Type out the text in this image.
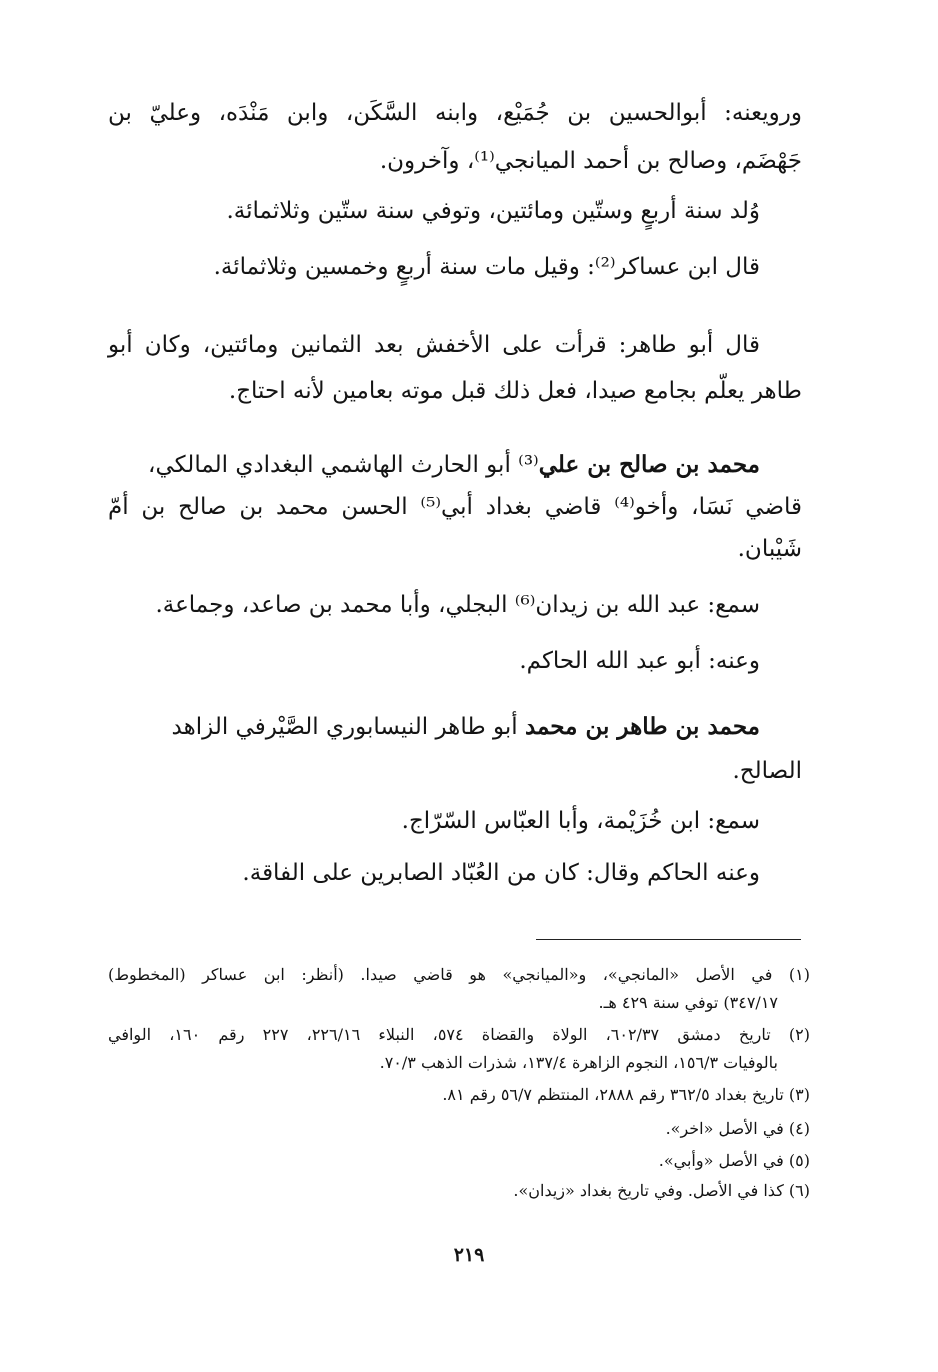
ورویعنه: أبوالحسين بن جُمَيْع، وابنه السَّكَن، وابن مَنْدَه، وعليّ بن
جَهْضَم، وصالح بن أحمد الميانجي⁽¹⁾، وآخرون.
وُلد سنة أربعٍ وستّين ومائتين، وتوفي سنة ستّين وثلاثمائة.
قال ابن عساكر⁽²⁾: وقيل مات سنة أربعٍ وخمسين وثلاثمائة.
قال أبو طاهر: قرأت على الأخفش بعد الثمانين ومائتين، وكان أبو
طاهر يعلّم بجامع صيدا، فعل ذلك قبل موته بعامين لأنه احتاج.
محمد بن صالح بن علي⁽³⁾ أبو الحارث الهاشمي البغدادي المالكي،
قاضي نَسَا، وأخو⁽⁴⁾ قاضي بغداد أبي⁽⁵⁾ الحسن محمد بن صالح بن أمّ
شَيْبان.
سمع: عبد الله بن زيدان⁽⁶⁾ البجلي، وأبا محمد بن صاعد، وجماعة.
وعنه: أبو عبد الله الحاكم.
محمد بن طاهر بن محمد أبو طاهر النيسابوري الصَّيْرفي الزاهد
الصالح.
سمع: ابن خُزَيْمة، وأبا العبّاس السّرّاج.
وعنه الحاكم وقال: كان من العُبّاد الصابرين على الفاقة.
(١) في الأصل «المانجي»، و«الميانجي» هو قاضي صيدا. (أنظر: ابن عساكر (المخطوط)
٣٤٧/١٧) توفي سنة ٤٢٩ هـ.
(٢) تاريخ دمشق ٦٠٢/٣٧، الولاة والقضاة ٥٧٤، النبلاء ٢٢٦/١٦، ٢٢٧ رقم ١٦٠، الوافي
بالوفيات ١٥٦/٣، النجوم الزاهرة ١٣٧/٤، شذرات الذهب ٧٠/٣.
(٣) تاريخ بغداد ٣٦٢/٥ رقم ٢٨٨٨، المنتظم ٥٦/٧ رقم ٨١.
(٤) في الأصل «اخر».
(٥) في الأصل «وأبي».
(٦) كذا في الأصل. وفي تاريخ بغداد «زيدان».
٢١٩
